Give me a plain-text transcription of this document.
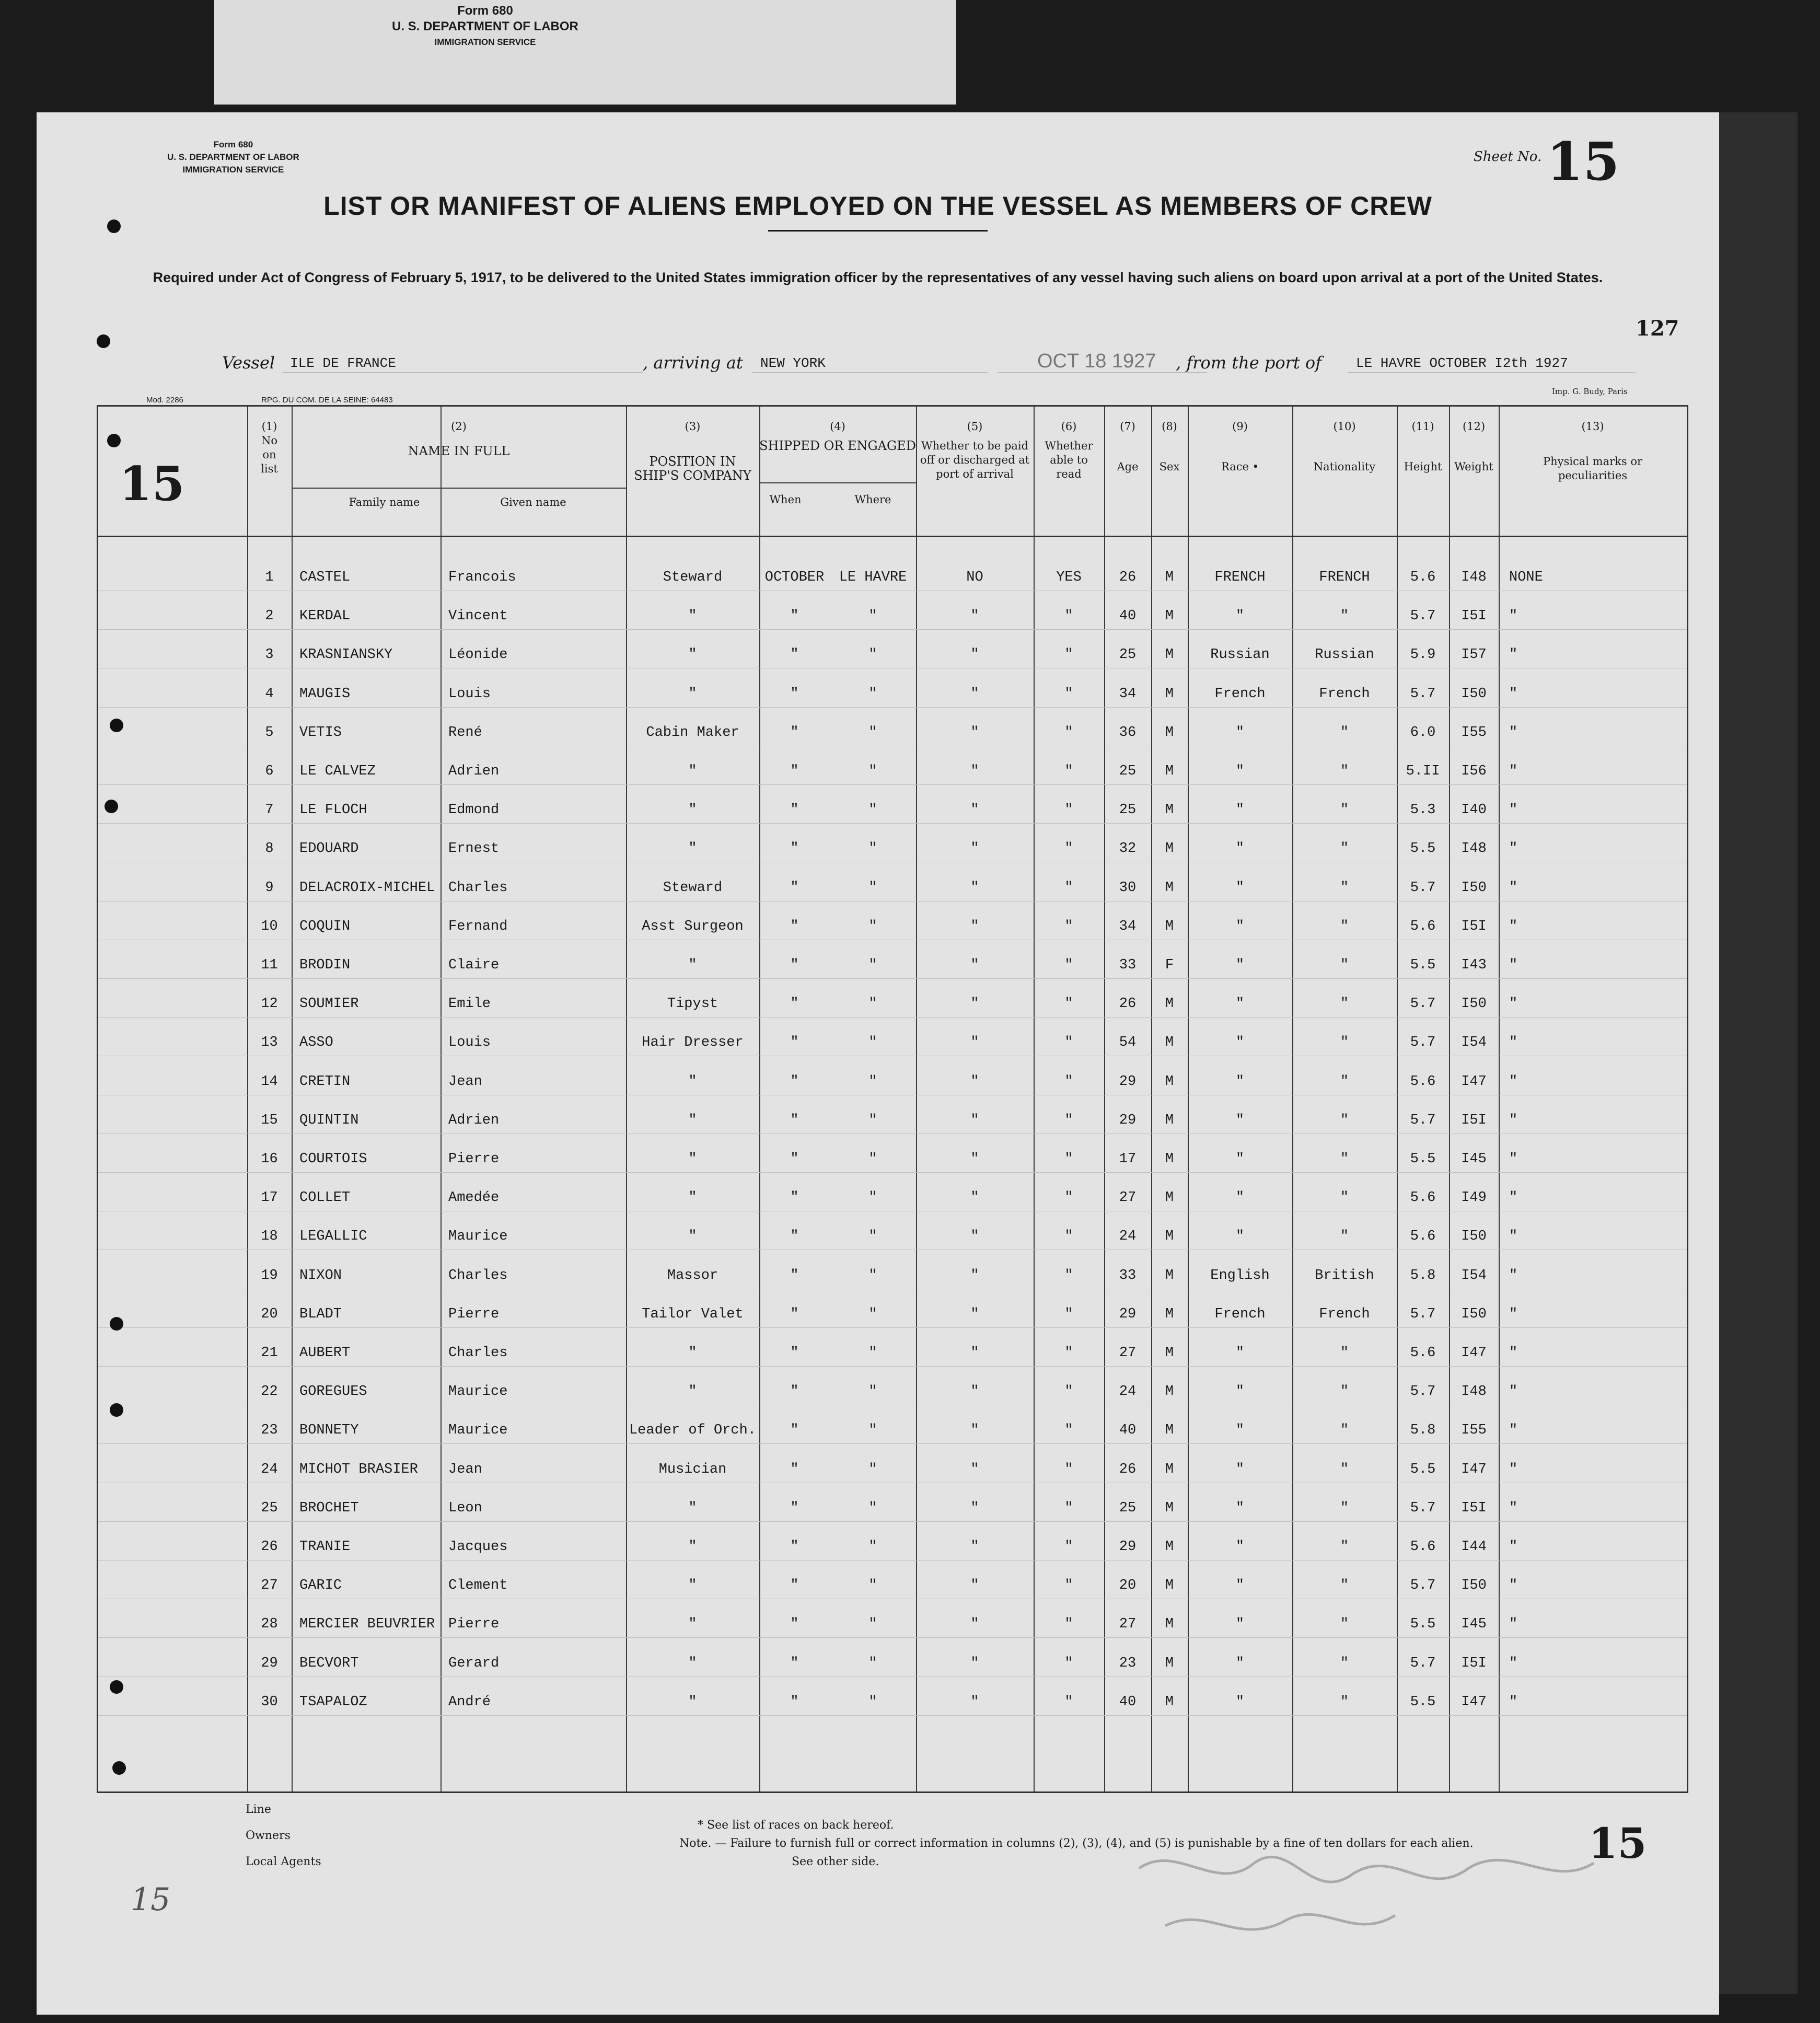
Form 680
U. S. DEPARTMENT OF LABOR
IMMIGRATION SERVICE
Form 680
U. S. DEPARTMENT OF LABOR
IMMIGRATION SERVICE
Sheet No. 15
LIST OR MANIFEST OF ALIENS EMPLOYED ON THE VESSEL AS MEMBERS OF CREW
Required under Act of Congress of February 5, 1917, to be delivered to the United States immigration officer by the representatives of any vessel having such aliens on board upon arrival at a port of the United States.
127
Vessel ILE DE FRANCE	, arriving at NEW YORK	OCT 18 1927 , from the port of	LE HAVRE OCTOBER I2th 1927
Mod. 2286	RPG. DU COM. DE LA SEINE: 64483
Imp. G. Budy, Paris
15
(1)
No on list
(2)
NAME IN FULL
Family name	Given name
(3)
POSITION IN SHIP'S COMPANY
(4)
SHIPPED OR ENGAGED
When	Where
(5)
Whether to be paid off or discharged at port of arrival
(6)
Whether able to read
(7)
Age
(8)
Sex
(9)
Race •
(10)
Nationality
(11)
Height
(12)
Weight
(13)
Physical marks or peculiarities
1	CASTEL	Francois	Steward	OCTOBER	LE HAVRE	NO	YES	26	M	FRENCH	FRENCH	5.6	I48	NONE
2	KERDAL	Vincent	"	"	"	"	"	40	M	"	"	5.7	I5I	"
3	KRASNIANSKY	Léonide	"	"	"	"	"	25	M	Russian	Russian	5.9	I57	"
4	MAUGIS	Louis	"	"	"	"	"	34	M	French	French	5.7	I50	"
5	VETIS	René	Cabin Maker	"	"	"	"	36	M	"	"	6.0	I55	"
6	LE CALVEZ	Adrien	"	"	"	"	"	25	M	"	"	5.II	I56	"
7	LE FLOCH	Edmond	"	"	"	"	"	25	M	"	"	5.3	I40	"
8	EDOUARD	Ernest	"	"	"	"	"	32	M	"	"	5.5	I48	"
9	DELACROIX-MICHEL Charles	Steward	"	"	"	"	30	M	"	"	5.7	I50	"
10	COQUIN	Fernand	Asst Surgeon	"	"	"	"	34	M	"	"	5.6	I5I	"
11	BRODIN	Claire	"	"	"	"	"	33	F	"	"	5.5	I43	"
12	SOUMIER	Emile	Tipyst	"	"	"	"	26	M	"	"	5.7	I50	"
13	ASSO	Louis	Hair Dresser	"	"	"	"	54	M	"	"	5.7	I54	"
14	CRETIN	Jean	"	"	"	"	"	29	M	"	"	5.6	I47	"
15	QUINTIN	Adrien	"	"	"	"	"	29	M	"	"	5.7	I5I	"
16	COURTOIS	Pierre	"	"	"	"	"	17	M	"	"	5.5	I45	"
17	COLLET	Amedée	"	"	"	"	"	27	M	"	"	5.6	I49	"
18	LEGALLIC	Maurice	"	"	"	"	"	24	M	"	"	5.6	I50	"
19	NIXON	Charles	Massor	"	"	"	"	33	M	English	British	5.8	I54	"
20	BLADT	Pierre	Tailor Valet	"	"	"	"	29	M	French	French	5.7	I50	"
21	AUBERT	Charles	"	"	"	"	"	27	M	"	"	5.6	I47	"
22	GOREGUES	Maurice	"	"	"	"	"	24	M	"	"	5.7	I48	"
23	BONNETY	Maurice	Leader of Orch.	"	"	"	"	40	M	"	"	5.8	I55	"
24	MICHOT BRASIER	Jean	Musician	"	"	"	"	26	M	"	"	5.5	I47	"
25	BROCHET	Leon	"	"	"	"	"	25	M	"	"	5.7	I5I	"
26	TRANIE	Jacques	"	"	"	"	"	29	M	"	"	5.6	I44	"
27	GARIC	Clement	"	"	"	"	"	20	M	"	"	5.7	I50	"
28	MERCIER BEUVRIER Pierre	"	"	"	"	"	27	M	"	"	5.5	I45	"
29	BECVORT	Gerard	"	"	"	"	"	23	M	"	"	5.7	I5I	"
30	TSAPALOZ	André	"	"	"	"	"	40	M	"	"	5.5	I47	"
Line
Owners
Local Agents
* See list of races on back hereof.
Note. — Failure to furnish full or correct information in columns (2), (3), (4), and (5) is punishable by a fine of ten dollars for each alien.
See other side.	15
15
